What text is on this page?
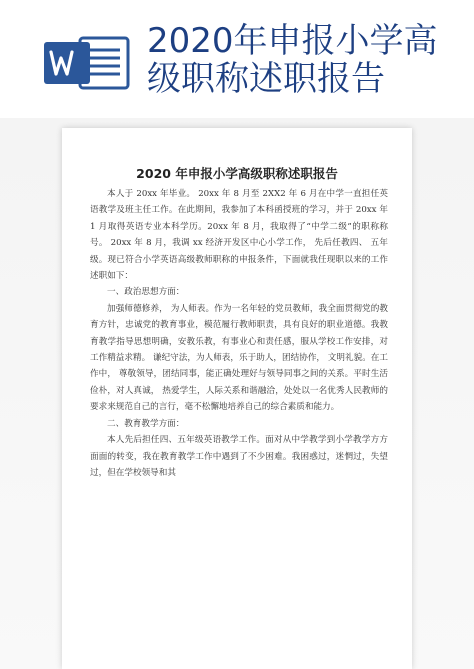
2020年申报小学高级职称述职报告
2020 年申报小学高级职称述职报告

本人于 20xx 年毕业。 20xx 年 8 月至 2XX2 年 6 月在中学一直担任英语教学及班主任工作。在此期间，我参加了本科函授班的学习，并于 20xx 年 1 月取得英语专业本科学历。20xx 年 8 月，我取得了“中学二级”的职称称号。 20xx 年 8 月，我调 xx 经济开发区中心小学工作， 先后任教四、 五年级。现已符合小学英语高级教师职称的申报条件，下面就我任现职以来的工作述职如下：

一、政治思想方面：

加强师德修养， 为人师表。作为一名年轻的党员教师，我全面贯彻党的教育方针，忠诚党的教育事业，模范履行教师职责，具有良好的职业道德。我教育教学指导思想明确，安教乐教，有事业心和责任感，服从学校工作安排，对工作精益求精。 谦纪守法，为人师表，乐于助人，团结协作， 文明礼貌。在工作中， 尊敬领导，团结同事，能正确处理好与领导同事之间的关系。平时生活俭朴，对人真诚， 热爱学生，人际关系和谐融洽，处处以一名优秀人民教师的要求来规范自己的言行，毫不松懈地培养自己的综合素质和能力。

二、教育教学方面：

本人先后担任四、五年级英语教学工作。面对从中学教学到小学教学方方面面的转变，我在教育教学工作中遇到了不少困难。我困惑过，迷惘过，失望过，但在学校领导和其
